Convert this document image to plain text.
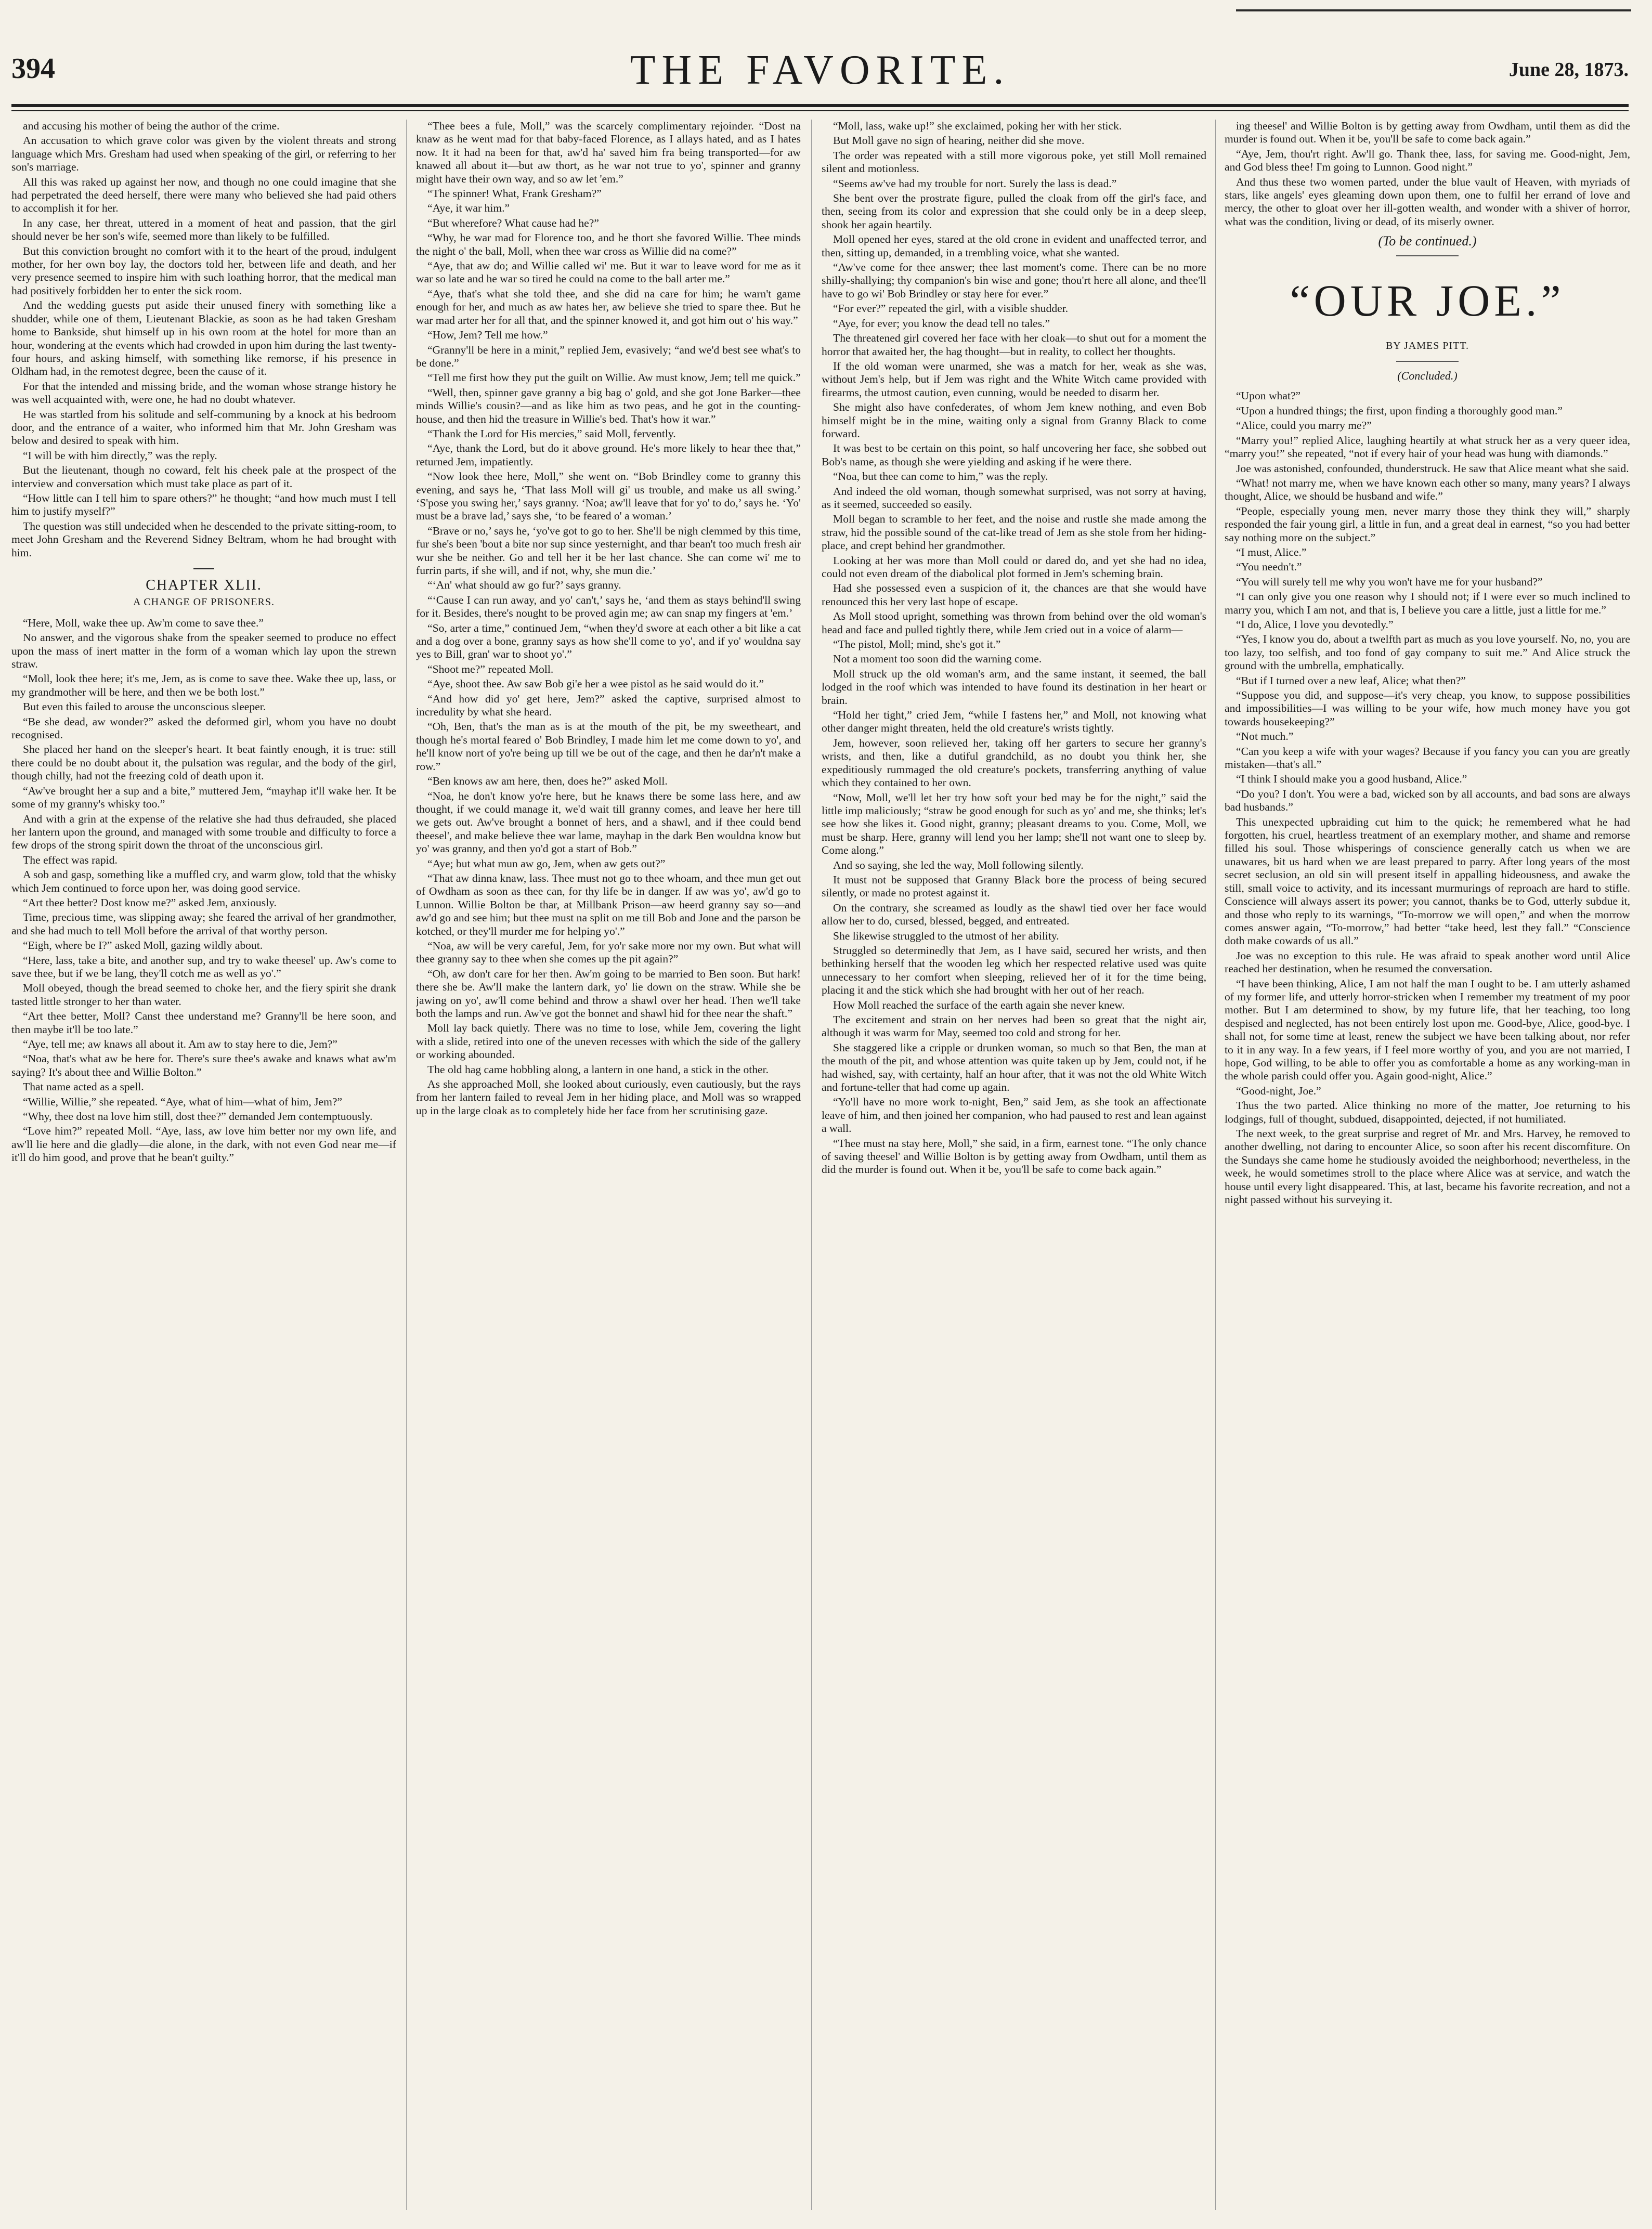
394	THE FAVORITE.	June 28, 1873.

and accusing his mother of being the author of the crime.

An accusation to which grave color was given by the violent threats and strong language which Mrs. Gresham had used when speaking of the girl, or referring to her son's marriage.

All this was raked up against her now, and though no one could imagine that she had perpetrated the deed herself, there were many who believed she had paid others to accomplish it for her.

In any case, her threat, uttered in a moment of heat and passion, that the girl should never be her son's wife, seemed more than likely to be fulfilled.

But this conviction brought no comfort with it to the heart of the proud, indulgent mother, for her own boy lay, the doctors told her, between life and death, and her very presence seemed to inspire him with such loathing horror, that the medical man had positively forbidden her to enter the sick room.

And the wedding guests put aside their unused finery with something like a shudder, while one of them, Lieutenant Blackie, as soon as he had taken Gresham home to Bankside, shut himself up in his own room at the hotel for more than an hour, wondering at the events which had crowded in upon him during the last twenty-four hours, and asking himself, with something like remorse, if his presence in Oldham had, in the remotest degree, been the cause of it.

For that the intended and missing bride, and the woman whose strange history he was well acquainted with, were one, he had no doubt whatever.

He was startled from his solitude and self-communing by a knock at his bedroom door, and the entrance of a waiter, who informed him that Mr. John Gresham was below and desired to speak with him.

“I will be with him directly,” was the reply.

But the lieutenant, though no coward, felt his cheek pale at the prospect of the interview and conversation which must take place as part of it.

“How little can I tell him to spare others?” he thought; “and how much must I tell him to justify myself?”

The question was still undecided when he descended to the private sitting-room, to meet John Gresham and the Reverend Sidney Beltram, whom he had brought with him.

CHAPTER XLII.
A CHANGE OF PRISONERS.

“Here, Moll, wake thee up. Aw'm come to save thee.”

No answer, and the vigorous shake from the speaker seemed to produce no effect upon the mass of inert matter in the form of a woman which lay upon the strewn straw.

“Moll, look thee here; it's me, Jem, as is come to save thee. Wake thee up, lass, or my grandmother will be here, and then we be both lost.”

But even this failed to arouse the unconscious sleeper.

“Be she dead, aw wonder?” asked the deformed girl, whom you have no doubt recognised.

She placed her hand on the sleeper's heart. It beat faintly enough, it is true: still there could be no doubt about it, the pulsation was regular, and the body of the girl, though chilly, had not the freezing cold of death upon it.

“Aw've brought her a sup and a bite,” muttered Jem, “mayhap it'll wake her. It be some of my granny's whisky too.”

And with a grin at the expense of the relative she had thus defrauded, she placed her lantern upon the ground, and managed with some trouble and difficulty to force a few drops of the strong spirit down the throat of the unconscious girl.

The effect was rapid.

A sob and gasp, something like a muffled cry, and warm glow, told that the whisky which Jem continued to force upon her, was doing good service.

“Art thee better? Dost know me?” asked Jem, anxiously.

Time, precious time, was slipping away; she feared the arrival of her grandmother, and she had much to tell Moll before the arrival of that worthy person.

“Eigh, where be I?” asked Moll, gazing wildly about.

“Here, lass, take a bite, and another sup, and try to wake theesel' up. Aw's come to save thee, but if we be lang, they'll cotch me as well as yo'.”

Moll obeyed, though the bread seemed to choke her, and the fiery spirit she drank tasted little stronger to her than water.

“Art thee better, Moll? Canst thee understand me? Granny'll be here soon, and then maybe it'll be too late.”

“Aye, tell me; aw knaws all about it. Am aw to stay here to die, Jem?”

“Noa, that's what aw be here for. There's sure thee's awake and knaws what aw'm saying? It's about thee and Willie Bolton.”

That name acted as a spell.

“Willie, Willie,” she repeated. “Aye, what of him—what of him, Jem?”

“Why, thee dost na love him still, dost thee?” demanded Jem contemptuously.

“Love him?” repeated Moll. “Aye, lass, aw love him better nor my own life, and aw'll lie here and die gladly—die alone, in the dark, with not even God near me—if it'll do him good, and prove that he bean't guilty.”

“Thee bees a fule, Moll,” was the scarcely complimentary rejoinder. “Dost na knaw as he went mad for that baby-faced Florence, as I allays hated, and as I hates now. It it had na been for that, aw'd ha' saved him fra being transported—for aw knawed all about it—but aw thort, as he war not true to yo', spinner and granny might have their own way, and so aw let 'em.”

“The spinner! What, Frank Gresham?”

“Aye, it war him.”

“But wherefore? What cause had he?”

“Why, he war mad for Florence too, and he thort she favored Willie. Thee minds the night o' the ball, Moll, when thee war cross as Willie did na come?”

“Aye, that aw do; and Willie called wi' me. But it war to leave word for me as it war so late and he war so tired he could na come to the ball arter me.”

“Aye, that's what she told thee, and she did na care for him; he warn't game enough for her, and much as aw hates her, aw believe she tried to spare thee. But he war mad arter her for all that, and the spinner knowed it, and got him out o' his way.”

“How, Jem? Tell me how.”

“Granny'll be here in a minit,” replied Jem, evasively; “and we'd best see what's to be done.”

“Tell me first how they put the guilt on Willie. Aw must know, Jem; tell me quick.”

“Well, then, spinner gave granny a big bag o' gold, and she got Jone Barker—thee minds Willie's cousin?—and as like him as two peas, and he got in the counting-house, and then hid the treasure in Willie's bed. That's how it war.”

“Thank the Lord for His mercies,” said Moll, fervently.

“Aye, thank the Lord, but do it above ground. He's more likely to hear thee that,” returned Jem, impatiently.

“Now look thee here, Moll,” she went on. “Bob Brindley come to granny this evening, and says he, ‘That lass Moll will gi' us trouble, and make us all swing.’ ‘S'pose you swing her,’ says granny. ‘Noa; aw'll leave that for yo' to do,’ says he. ‘Yo' must be a brave lad,’ says she, ‘to be feared o' a woman.’

“Brave or no,’ says he, ‘yo've got to go to her. She'll be nigh clemmed by this time, fur she's been 'bout a bite nor sup since yesternight, and thar bean't too much fresh air wur she be neither. Go and tell her it be her last chance. She can come wi' me to furrin parts, if she will, and if not, why, she mun die.’

“‘An' what should aw go fur?’ says granny.

“‘Cause I can run away, and yo' can't,’ says he, ‘and them as stays behind'll swing for it. Besides, there's nought to be proved agin me; aw can snap my fingers at 'em.’

“So, arter a time,” continued Jem, “when they'd swore at each other a bit like a cat and a dog over a bone, granny says as how she'll come to yo', and if yo' wouldna say yes to Bill, gran' war to shoot yo'.”

“Shoot me?” repeated Moll.

“Aye, shoot thee. Aw saw Bob gi'e her a wee pistol as he said would do it.”

“And how did yo' get here, Jem?” asked the captive, surprised almost to incredulity by what she heard.

“Oh, Ben, that's the man as is at the mouth of the pit, be my sweetheart, and though he's mortal feared o' Bob Brindley, I made him let me come down to yo', and he'll know nort of yo're being up till we be out of the cage, and then he dar'n't make a row.”

“Ben knows aw am here, then, does he?” asked Moll.

“Noa, he don't know yo're here, but he knaws there be some lass here, and aw thought, if we could manage it, we'd wait till granny comes, and leave her here till we gets out. Aw've brought a bonnet of hers, and a shawl, and if thee could bend theesel', and make believe thee war lame, mayhap in the dark Ben wouldna know but yo' was granny, and then yo'd got a start of Bob.”

“Aye; but what mun aw go, Jem, when aw gets out?”

“That aw dinna knaw, lass. Thee must not go to thee whoam, and thee mun get out of Owdham as soon as thee can, for thy life be in danger. If aw was yo', aw'd go to Lunnon. Willie Bolton be thar, at Millbank Prison—aw heerd granny say so—and aw'd go and see him; but thee must na split on me till Bob and Jone and the parson be kotched, or they'll murder me for helping yo'.”

“Noa, aw will be very careful, Jem, for yo'r sake more nor my own. But what will thee granny say to thee when she comes up the pit again?”

“Oh, aw don't care for her then. Aw'm going to be married to Ben soon. But hark! there she be. Aw'll make the lantern dark, yo' lie down on the straw. While she be jawing on yo', aw'll come behind and throw a shawl over her head. Then we'll take both the lamps and run. Aw've got the bonnet and shawl hid for thee near the shaft.”

Moll lay back quietly. There was no time to lose, while Jem, covering the light with a slide, retired into one of the uneven recesses with which the side of the gallery or working abounded.

The old hag came hobbling along, a lantern in one hand, a stick in the other.

As she approached Moll, she looked about curiously, even cautiously, but the rays from her lantern failed to reveal Jem in her hiding place, and Moll was so wrapped up in the large cloak as to completely hide her face from her scrutinising gaze.

“Moll, lass, wake up!” she exclaimed, poking her with her stick.

But Moll gave no sign of hearing, neither did she move.

The order was repeated with a still more vigorous poke, yet still Moll remained silent and motionless.

“Seems aw've had my trouble for nort. Surely the lass is dead.”

She bent over the prostrate figure, pulled the cloak from off the girl's face, and then, seeing from its color and expression that she could only be in a deep sleep, shook her again heartily.

Moll opened her eyes, stared at the old crone in evident and unaffected terror, and then, sitting up, demanded, in a trembling voice, what she wanted.

“Aw've come for thee answer; thee last moment's come. There can be no more shilly-shallying; thy companion's bin wise and gone; thou'rt here all alone, and thee'll have to go wi' Bob Brindley or stay here for ever.”

“For ever?” repeated the girl, with a visible shudder.

“Aye, for ever; you know the dead tell no tales.”

The threatened girl covered her face with her cloak—to shut out for a moment the horror that awaited her, the hag thought—but in reality, to collect her thoughts.

If the old woman were unarmed, she was a match for her, weak as she was, without Jem's help, but if Jem was right and the White Witch came provided with firearms, the utmost caution, even cunning, would be needed to disarm her.

She might also have confederates, of whom Jem knew nothing, and even Bob himself might be in the mine, waiting only a signal from Granny Black to come forward.

It was best to be certain on this point, so half uncovering her face, she sobbed out Bob's name, as though she were yielding and asking if he were there.

“Noa, but thee can come to him,” was the reply.

And indeed the old woman, though somewhat surprised, was not sorry at having, as it seemed, succeeded so easily.

Moll began to scramble to her feet, and the noise and rustle she made among the straw, hid the possible sound of the cat-like tread of Jem as she stole from her hiding-place, and crept behind her grandmother.

Looking at her was more than Moll could or dared do, and yet she had no idea, could not even dream of the diabolical plot formed in Jem's scheming brain.

Had she possessed even a suspicion of it, the chances are that she would have renounced this her very last hope of escape.

As Moll stood upright, something was thrown from behind over the old woman's head and face and pulled tightly there, while Jem cried out in a voice of alarm—

“The pistol, Moll; mind, she's got it.”

Not a moment too soon did the warning come.

Moll struck up the old woman's arm, and the same instant, it seemed, the ball lodged in the roof which was intended to have found its destination in her heart or brain.

“Hold her tight,” cried Jem, “while I fastens her,” and Moll, not knowing what other danger might threaten, held the old creature's wrists tightly.

Jem, however, soon relieved her, taking off her garters to secure her granny's wrists, and then, like a dutiful grandchild, as no doubt you think her, she expeditiously rummaged the old creature's pockets, transferring anything of value which they contained to her own.

“Now, Moll, we'll let her try how soft your bed may be for the night,” said the little imp maliciously; “straw be good enough for such as yo' and me, she thinks; let's see how she likes it. Good night, granny; pleasant dreams to you. Come, Moll, we must be sharp. Here, granny will lend you her lamp; she'll not want one to sleep by. Come along.”

And so saying, she led the way, Moll following silently.

It must not be supposed that Granny Black bore the process of being secured silently, or made no protest against it.

On the contrary, she screamed as loudly as the shawl tied over her face would allow her to do, cursed, blessed, begged, and entreated.

She likewise struggled to the utmost of her ability.

Struggled so determinedly that Jem, as I have said, secured her wrists, and then bethinking herself that the wooden leg which her respected relative used was quite unnecessary to her comfort when sleeping, relieved her of it for the time being, placing it and the stick which she had brought with her out of her reach.

How Moll reached the surface of the earth again she never knew.

The excitement and strain on her nerves had been so great that the night air, although it was warm for May, seemed too cold and strong for her.

She staggered like a cripple or drunken woman, so much so that Ben, the man at the mouth of the pit, and whose attention was quite taken up by Jem, could not, if he had wished, say, with certainty, half an hour after, that it was not the old White Witch and fortune-teller that had come up again.

“Yo'll have no more work to-night, Ben,” said Jem, as she took an affectionate leave of him, and then joined her companion, who had paused to rest and lean against a wall.

“Thee must na stay here, Moll,” she said, in a firm, earnest tone. “The only chance of saving theesel' and Willie Bolton is by getting away from Owdham, until them as did the murder is found out. When it be, you'll be safe to come back again.”

ing theesel' and Willie Bolton is by getting away from Owdham, until them as did the murder is found out. When it be, you'll be safe to come back again.”

“Aye, Jem, thou'rt right. Aw'll go. Thank thee, lass, for saving me. Good-night, Jem, and God bless thee! I'm going to Lunnon. Good night.”

And thus these two women parted, under the blue vault of Heaven, with myriads of stars, like angels' eyes gleaming down upon them, one to fulfil her errand of love and mercy, the other to gloat over her ill-gotten wealth, and wonder with a shiver of horror, what was the condition, living or dead, of its miserly owner.

(To be continued.)
“OUR JOE.”
BY JAMES PITT.
(Concluded.)

“Upon what?”

“Upon a hundred things; the first, upon finding a thoroughly good man.”

“Alice, could you marry me?”

“Marry you!” replied Alice, laughing heartily at what struck her as a very queer idea, “marry you!” she repeated, “not if every hair of your head was hung with diamonds.”

Joe was astonished, confounded, thunderstruck. He saw that Alice meant what she said.

“What! not marry me, when we have known each other so many, many years? I always thought, Alice, we should be husband and wife.”

“People, especially young men, never marry those they think they will,” sharply responded the fair young girl, a little in fun, and a great deal in earnest, “so you had better say nothing more on the subject.”

“I must, Alice.”

“You needn't.”

“You will surely tell me why you won't have me for your husband?”

“I can only give you one reason why I should not; if I were ever so much inclined to marry you, which I am not, and that is, I believe you care a little, just a little for me.”

“I do, Alice, I love you devotedly.”

“Yes, I know you do, about a twelfth part as much as you love yourself. No, no, you are too lazy, too selfish, and too fond of gay company to suit me.” And Alice struck the ground with the umbrella, emphatically.

“But if I turned over a new leaf, Alice; what then?”

“Suppose you did, and suppose—it's very cheap, you know, to suppose possibilities and impossibilities—I was willing to be your wife, how much money have you got towards housekeeping?”

“Not much.”

“Can you keep a wife with your wages? Because if you fancy you can you are greatly mistaken—that's all.”

“I think I should make you a good husband, Alice.”

“Do you? I don't. You were a bad, wicked son by all accounts, and bad sons are always bad husbands.”

This unexpected upbraiding cut him to the quick; he remembered what he had forgotten, his cruel, heartless treatment of an exemplary mother, and shame and remorse filled his soul. Those whisperings of conscience generally catch us when we are unawares, bit us hard when we are least prepared to parry. After long years of the most secret seclusion, an old sin will present itself in appalling hideousness, and awake the still, small voice to activity, and its incessant murmurings of reproach are hard to stifle. Conscience will always assert its power; you cannot, thanks be to God, utterly subdue it, and those who reply to its warnings, “To-morrow we will open,” and when the morrow comes answer again, “To-morrow,” had better “take heed, lest they fall.” “Conscience doth make cowards of us all.”

Joe was no exception to this rule. He was afraid to speak another word until Alice reached her destination, when he resumed the conversation.

“I have been thinking, Alice, I am not half the man I ought to be. I am utterly ashamed of my former life, and utterly horror-stricken when I remember my treatment of my poor mother. But I am determined to show, by my future life, that her teaching, too long despised and neglected, has not been entirely lost upon me. Good-bye, Alice, good-bye. I shall not, for some time at least, renew the subject we have been talking about, nor refer to it in any way. In a few years, if I feel more worthy of you, and you are not married, I hope, God willing, to be able to offer you as comfortable a home as any working-man in the whole parish could offer you. Again good-night, Alice.”

“Good-night, Joe.”

Thus the two parted. Alice thinking no more of the matter, Joe returning to his lodgings, full of thought, subdued, disappointed, dejected, if not humiliated.

The next week, to the great surprise and regret of Mr. and Mrs. Harvey, he removed to another dwelling, not daring to encounter Alice, so soon after his recent discomfiture. On the Sundays she came home he studiously avoided the neighborhood; nevertheless, in the week, he would sometimes stroll to the place where Alice was at service, and watch the house until every light disappeared. This, at last, became his favorite recreation, and not a night passed without his surveying it.
